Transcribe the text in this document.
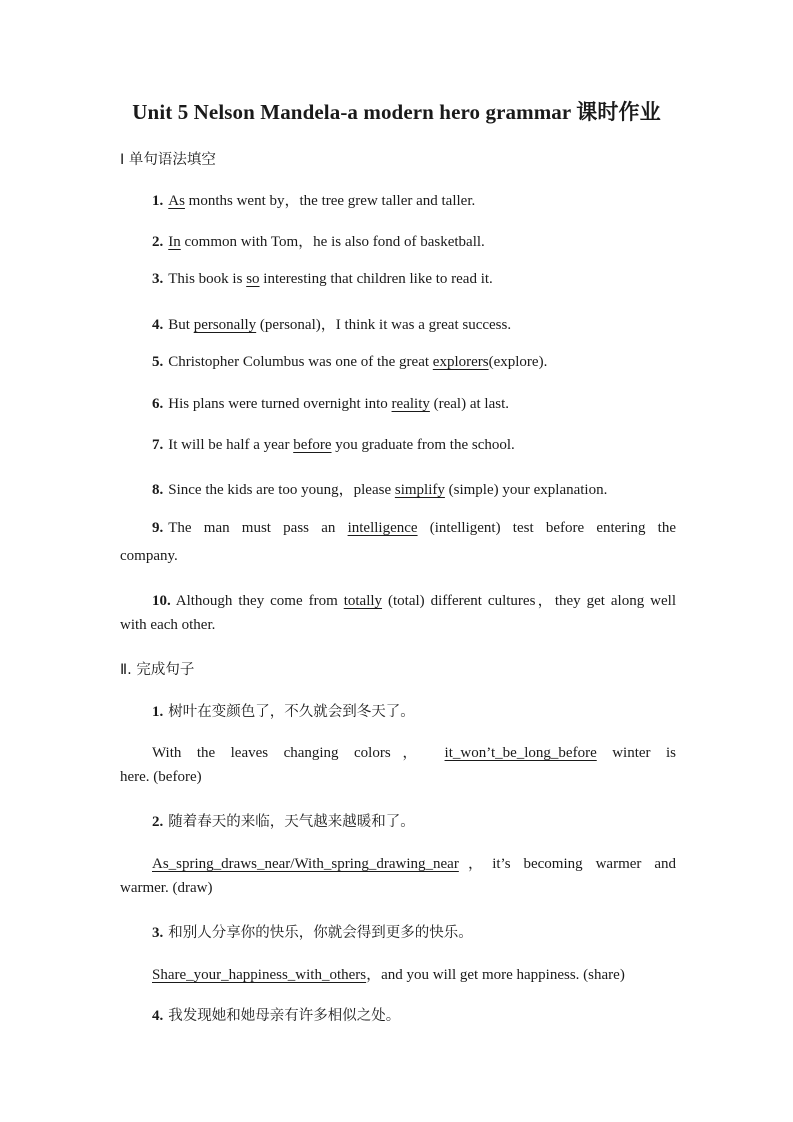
Unit 5 Nelson Mandela-a modern hero grammar 课时作业
I 单句语法填空
1. As months went by，the tree grew taller and taller.
2. In common with Tom，he is also fond of basketball.
3. This book is so interesting that children like to read it.
4. But personally (personal)，I think it was a great success.
5. Christopher Columbus was one of the great explorers(explore).
6. His plans were turned overnight into reality (real) at last.
7. It will be half a year before you graduate from the school.
8. Since the kids are too young，please simplify (simple) your explanation.
9. The man must pass an intelligence (intelligent) test before entering the
company.
10. Although they come from totally (total) different cultures，they get along well
with each other.
Ⅱ. 完成句子
1. 树叶在变颜色了，不久就会到冬天了。
With the leaves changing colors， it_won’t_be_long_before winter is
here. (before)
2. 随着春天的来临，天气越来越暖和了。
As_spring_draws_near/With_spring_drawing_near，it’s becoming warmer and
warmer. (draw)
3. 和别人分享你的快乐，你就会得到更多的快乐。
Share_your_happiness_with_others，and you will get more happiness. (share)
4. 我发现她和她母亲有许多相似之处。
